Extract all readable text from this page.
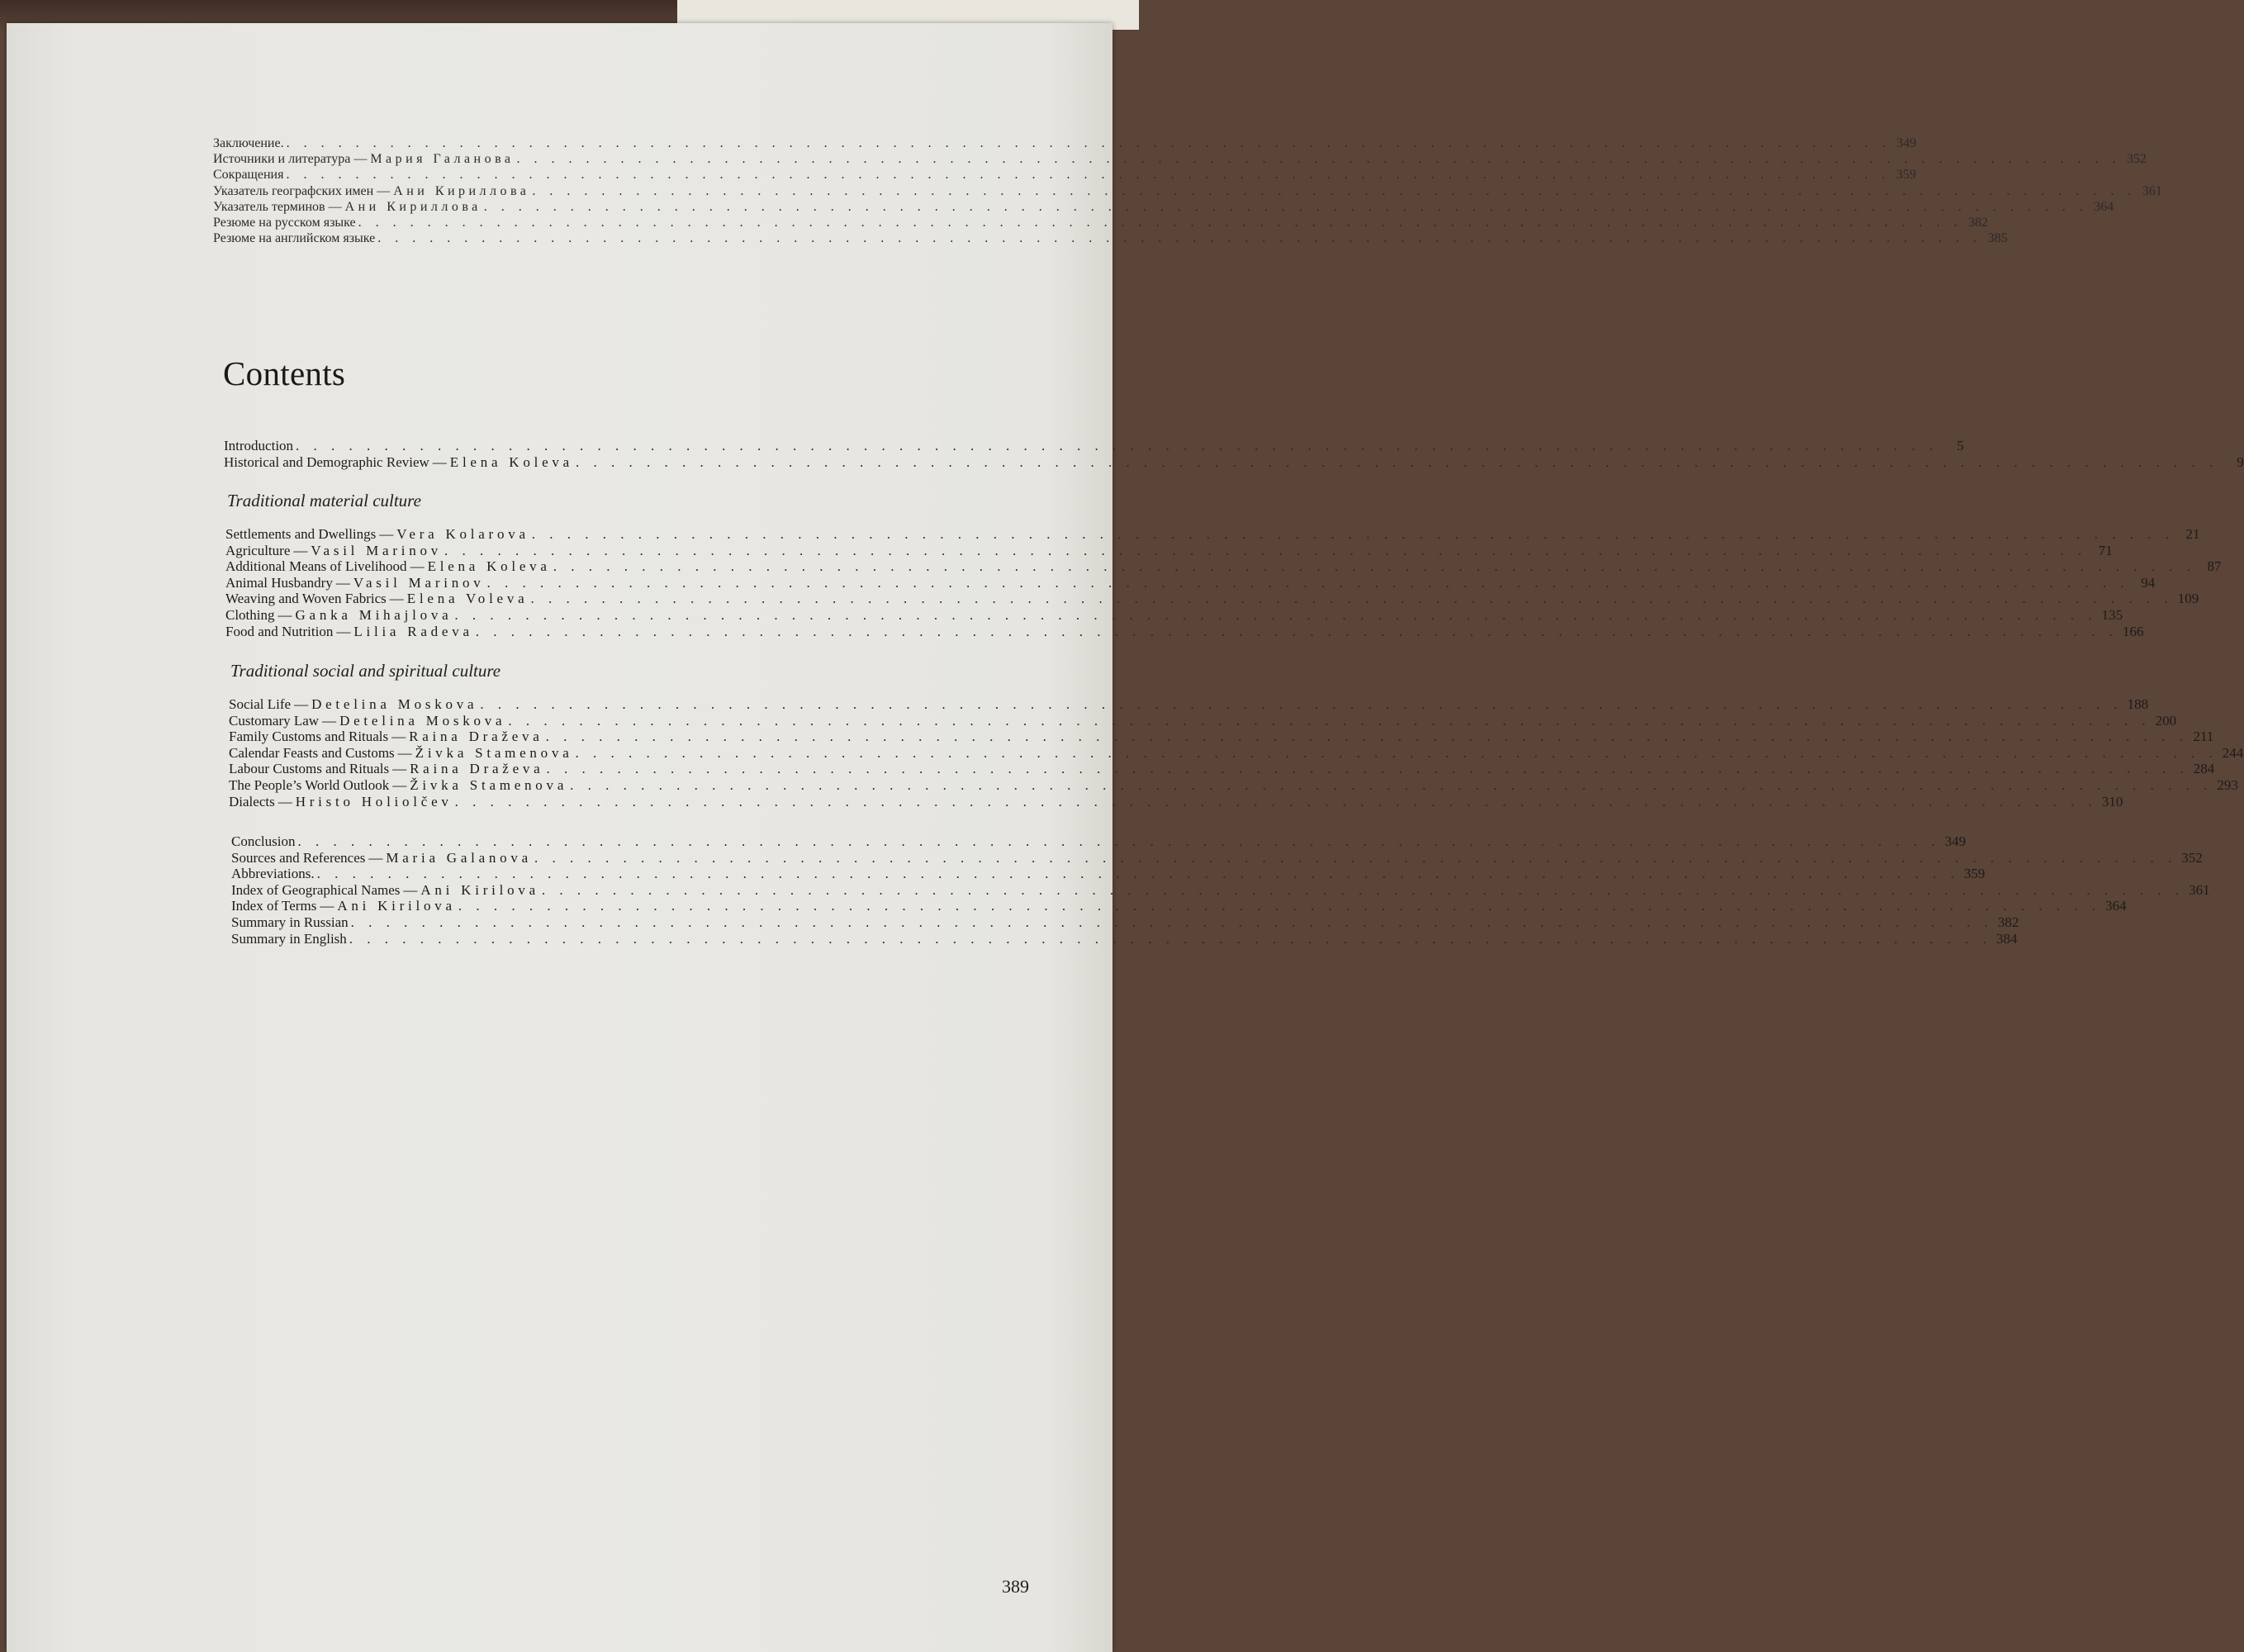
Заключение. . . . . . . . . . . . . . . . . . . . . . . . . . . . . . . . . . . . . . . . . . . . . . . . . . . . . . . . . . . . . . . . . . . . . . . . . . . . . . . . . . . . . . . . . . . . . . 349
Источники и литература — Мария Галанова . . . . . . . . . . . . . . . . . . . . . . . . . . . . . . . . . . . . . . . . . . . . . . . . . . . . . . . . . . . . . . . . . . . . . . . . . . . . . . . . . . . . . . . . . . . . . 352
Сокращения . . . . . . . . . . . . . . . . . . . . . . . . . . . . . . . . . . . . . . . . . . . . . . . . . . . . . . . . . . . . . . . . . . . . . . . . . . . . . . . . . . . . . . . . . . . . . 359
Указатель географских имен — Ани Кириллова . . . . . . . . . . . . . . . . . . . . . . . . . . . . . . . . . . . . . . . . . . . . . . . . . . . . . . . . . . . . . . . . . . . . . . . . . . . . . . . . . . . . . . . . . . . . . 361
Указатель терминов — Ани Кириллова . . . . . . . . . . . . . . . . . . . . . . . . . . . . . . . . . . . . . . . . . . . . . . . . . . . . . . . . . . . . . . . . . . . . . . . . . . . . . . . . . . . . . . . . . . . . . 364
Резюме на русском языке . . . . . . . . . . . . . . . . . . . . . . . . . . . . . . . . . . . . . . . . . . . . . . . . . . . . . . . . . . . . . . . . . . . . . . . . . . . . . . . . . . . . . . . . . . . . . 382
Резюме на английском языке . . . . . . . . . . . . . . . . . . . . . . . . . . . . . . . . . . . . . . . . . . . . . . . . . . . . . . . . . . . . . . . . . . . . . . . . . . . . . . . . . . . . . . . . . . . . . 385
Contents
Introduction . . . . . . . . . . . . . . . . . . . . . . . . . . . . . . . . . . . . . . . . . . . . . . . . . . . . . . . . . . . . . . . . . . . . . . . . . . . . . . . . . . . . . . . . . . . . .	5
Historical and Demographic Review — Elena Koleva . . . . . . . . . . . . . . . . . . . . . . . . . . . . . . . . . . . . . . . . . . . . . . . . . . . . . . . . . . . . . . . . . . . . . . . . . . . . . . . . . . . . . . . . . . . . .	9
Traditional material culture
Settlements and Dwellings — Vera Kolarova . . . . . . . . . . . . . . . . . . . . . . . . . . . . . . . . . . . . . . . . . . . . . . . . . . . . . . . . . . . . . . . . . . . . . . . . . . . . . . . . . . . . . . . . . . . . . 21
Agriculture — Vasil Marinov . . . . . . . . . . . . . . . . . . . . . . . . . . . . . . . . . . . . . . . . . . . . . . . . . . . . . . . . . . . . . . . . . . . . . . . . . . . . . . . . . . . . . . . . . . . . . 71
Additional Means of Livelihood — Elena Koleva . . . . . . . . . . . . . . . . . . . . . . . . . . . . . . . . . . . . . . . . . . . . . . . . . . . . . . . . . . . . . . . . . . . . . . . . . . . . . . . . . . . . . . . . . . . . . 87
Animal Husbandry — Vasil Marinov . . . . . . . . . . . . . . . . . . . . . . . . . . . . . . . . . . . . . . . . . . . . . . . . . . . . . . . . . . . . . . . . . . . . . . . . . . . . . . . . . . . . . . . . . . . . . 94
Weaving and Woven Fabrics — Elena Voleva . . . . . . . . . . . . . . . . . . . . . . . . . . . . . . . . . . . . . . . . . . . . . . . . . . . . . . . . . . . . . . . . . . . . . . . . . . . . . . . . . . . . . . . . . . . . . 109
Clothing — Ganka Mihajlova . . . . . . . . . . . . . . . . . . . . . . . . . . . . . . . . . . . . . . . . . . . . . . . . . . . . . . . . . . . . . . . . . . . . . . . . . . . . . . . . . . . . . . . . . . . . . 135
Food and Nutrition — Lilia Radeva . . . . . . . . . . . . . . . . . . . . . . . . . . . . . . . . . . . . . . . . . . . . . . . . . . . . . . . . . . . . . . . . . . . . . . . . . . . . . . . . . . . . . . . . . . . . . 166
Traditional social and spiritual culture
Social Life — Detelina Moskova . . . . . . . . . . . . . . . . . . . . . . . . . . . . . . . . . . . . . . . . . . . . . . . . . . . . . . . . . . . . . . . . . . . . . . . . . . . . . . . . . . . . . . . . . . . . . 188
Customary Law — Detelina Moskova . . . . . . . . . . . . . . . . . . . . . . . . . . . . . . . . . . . . . . . . . . . . . . . . . . . . . . . . . . . . . . . . . . . . . . . . . . . . . . . . . . . . . . . . . . . . . 200
Family Customs and Rituals — Raina Draževa . . . . . . . . . . . . . . . . . . . . . . . . . . . . . . . . . . . . . . . . . . . . . . . . . . . . . . . . . . . . . . . . . . . . . . . . . . . . . . . . . . . . . . . . . . . . . 211
Calendar Feasts and Customs — Živka Stamenova . . . . . . . . . . . . . . . . . . . . . . . . . . . . . . . . . . . . . . . . . . . . . . . . . . . . . . . . . . . . . . . . . . . . . . . . . . . . . . . . . . . . . . . . . . . . . 244
Labour Customs and Rituals — Raina Draževa . . . . . . . . . . . . . . . . . . . . . . . . . . . . . . . . . . . . . . . . . . . . . . . . . . . . . . . . . . . . . . . . . . . . . . . . . . . . . . . . . . . . . . . . . . . . . 284
The People’s World Outlook — Živka Stamenova . . . . . . . . . . . . . . . . . . . . . . . . . . . . . . . . . . . . . . . . . . . . . . . . . . . . . . . . . . . . . . . . . . . . . . . . . . . . . . . . . . . . . . . . . . . . . 293
Dialects — Hristo Holiolčev . . . . . . . . . . . . . . . . . . . . . . . . . . . . . . . . . . . . . . . . . . . . . . . . . . . . . . . . . . . . . . . . . . . . . . . . . . . . . . . . . . . . . . . . . . . . . 310
Conclusion . . . . . . . . . . . . . . . . . . . . . . . . . . . . . . . . . . . . . . . . . . . . . . . . . . . . . . . . . . . . . . . . . . . . . . . . . . . . . . . . . . . . . . . . . . . . . 349
Sources and References — Maria Galanova . . . . . . . . . . . . . . . . . . . . . . . . . . . . . . . . . . . . . . . . . . . . . . . . . . . . . . . . . . . . . . . . . . . . . . . . . . . . . . . . . . . . . . . . . . . . . 352
Abbreviations. . . . . . . . . . . . . . . . . . . . . . . . . . . . . . . . . . . . . . . . . . . . . . . . . . . . . . . . . . . . . . . . . . . . . . . . . . . . . . . . . . . . . . . . . . . . . . 359
Index of Geographical Names — Ani Kirilova . . . . . . . . . . . . . . . . . . . . . . . . . . . . . . . . . . . . . . . . . . . . . . . . . . . . . . . . . . . . . . . . . . . . . . . . . . . . . . . . . . . . . . . . . . . . . 361
Index of Terms — Ani Kirilova . . . . . . . . . . . . . . . . . . . . . . . . . . . . . . . . . . . . . . . . . . . . . . . . . . . . . . . . . . . . . . . . . . . . . . . . . . . . . . . . . . . . . . . . . . . . . 364
Summary in Russian . . . . . . . . . . . . . . . . . . . . . . . . . . . . . . . . . . . . . . . . . . . . . . . . . . . . . . . . . . . . . . . . . . . . . . . . . . . . . . . . . . . . . . . . . . . . . 382
Summary in English . . . . . . . . . . . . . . . . . . . . . . . . . . . . . . . . . . . . . . . . . . . . . . . . . . . . . . . . . . . . . . . . . . . . . . . . . . . . . . . . . . . . . . . . . . . . . 384
389
